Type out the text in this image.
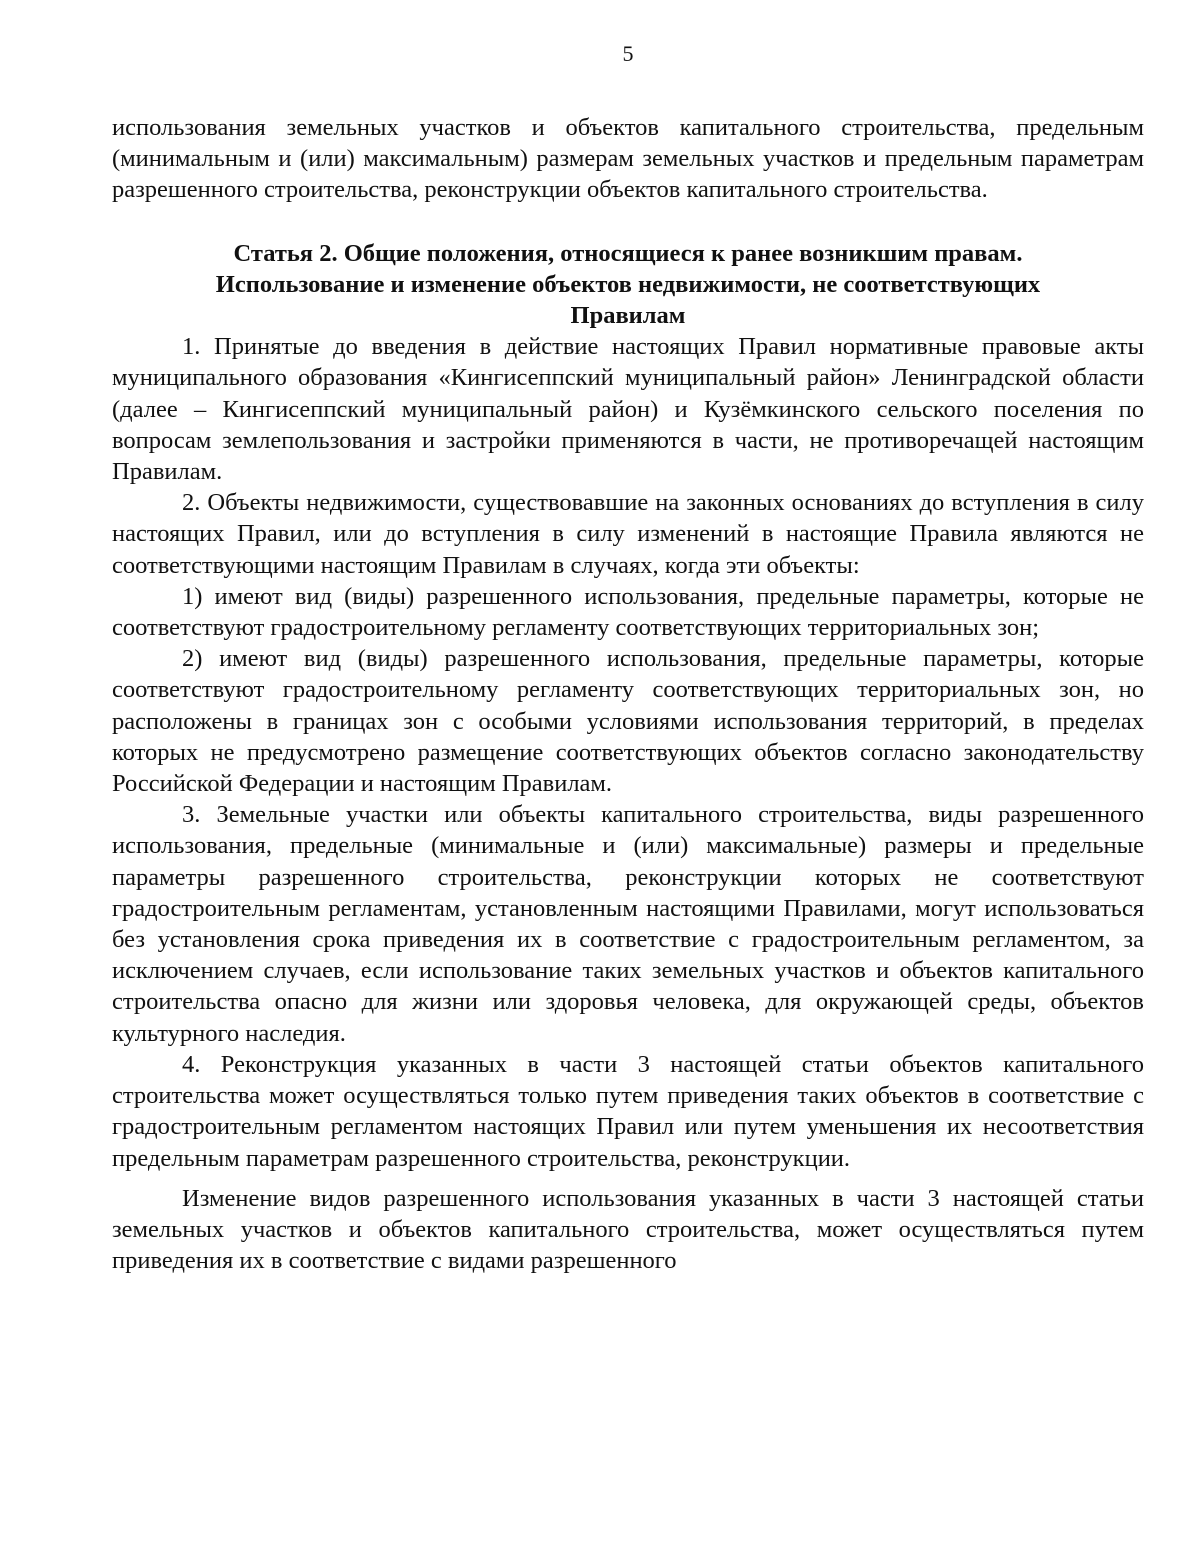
5

использования земельных участков и объектов капитального строительства, предельным (минимальным и (или) максимальным) размерам земельных участков и предельным параметрам разрешенного строительства, реконструкции объектов капитального строительства.

Статья 2. Общие положения, относящиеся к ранее возникшим правам.
Использование и изменение объектов недвижимости, не соответствующих
Правилам

1. Принятые до введения в действие настоящих Правил нормативные правовые акты муниципального образования «Кингисеппский муниципальный район» Ленинградской области (далее – Кингисеппский муниципальный район) и Кузёмкинского сельского поселения по вопросам землепользования и застройки применяются в части, не противоречащей настоящим Правилам.

2. Объекты недвижимости, существовавшие на законных основаниях до вступления в силу настоящих Правил, или до вступления в силу изменений в настоящие Правила являются не соответствующими настоящим Правилам в случаях, когда эти объекты:

1) имеют вид (виды) разрешенного использования, предельные параметры, которые не соответствуют градостроительному регламенту соответствующих территориальных зон;

2) имеют вид (виды) разрешенного использования, предельные параметры, которые соответствуют градостроительному регламенту соответствующих территориальных зон, но расположены в границах зон с особыми условиями использования территорий, в пределах которых не предусмотрено размещение соответствующих объектов согласно законодательству Российской Федерации и настоящим Правилам.

3. Земельные участки или объекты капитального строительства, виды разрешенного использования, предельные (минимальные и (или) максимальные) размеры и предельные параметры разрешенного строительства, реконструкции которых не соответствуют градостроительным регламентам, установленным настоящими Правилами, могут использоваться без установления срока приведения их в соответствие с градостроительным регламентом, за исключением случаев, если использование таких земельных участков и объектов капитального строительства опасно для жизни или здоровья человека, для окружающей среды, объектов культурного наследия.

4. Реконструкция указанных в части 3 настоящей статьи объектов капитального строительства может осуществляться только путем приведения таких объектов в соответствие с градостроительным регламентом настоящих Правил или путем уменьшения их несоответствия предельным параметрам разрешенного строительства, реконструкции.

Изменение видов разрешенного использования указанных в части 3 настоящей статьи земельных участков и объектов капитального строительства, может осуществляться путем приведения их в соответствие с видами разрешенного
